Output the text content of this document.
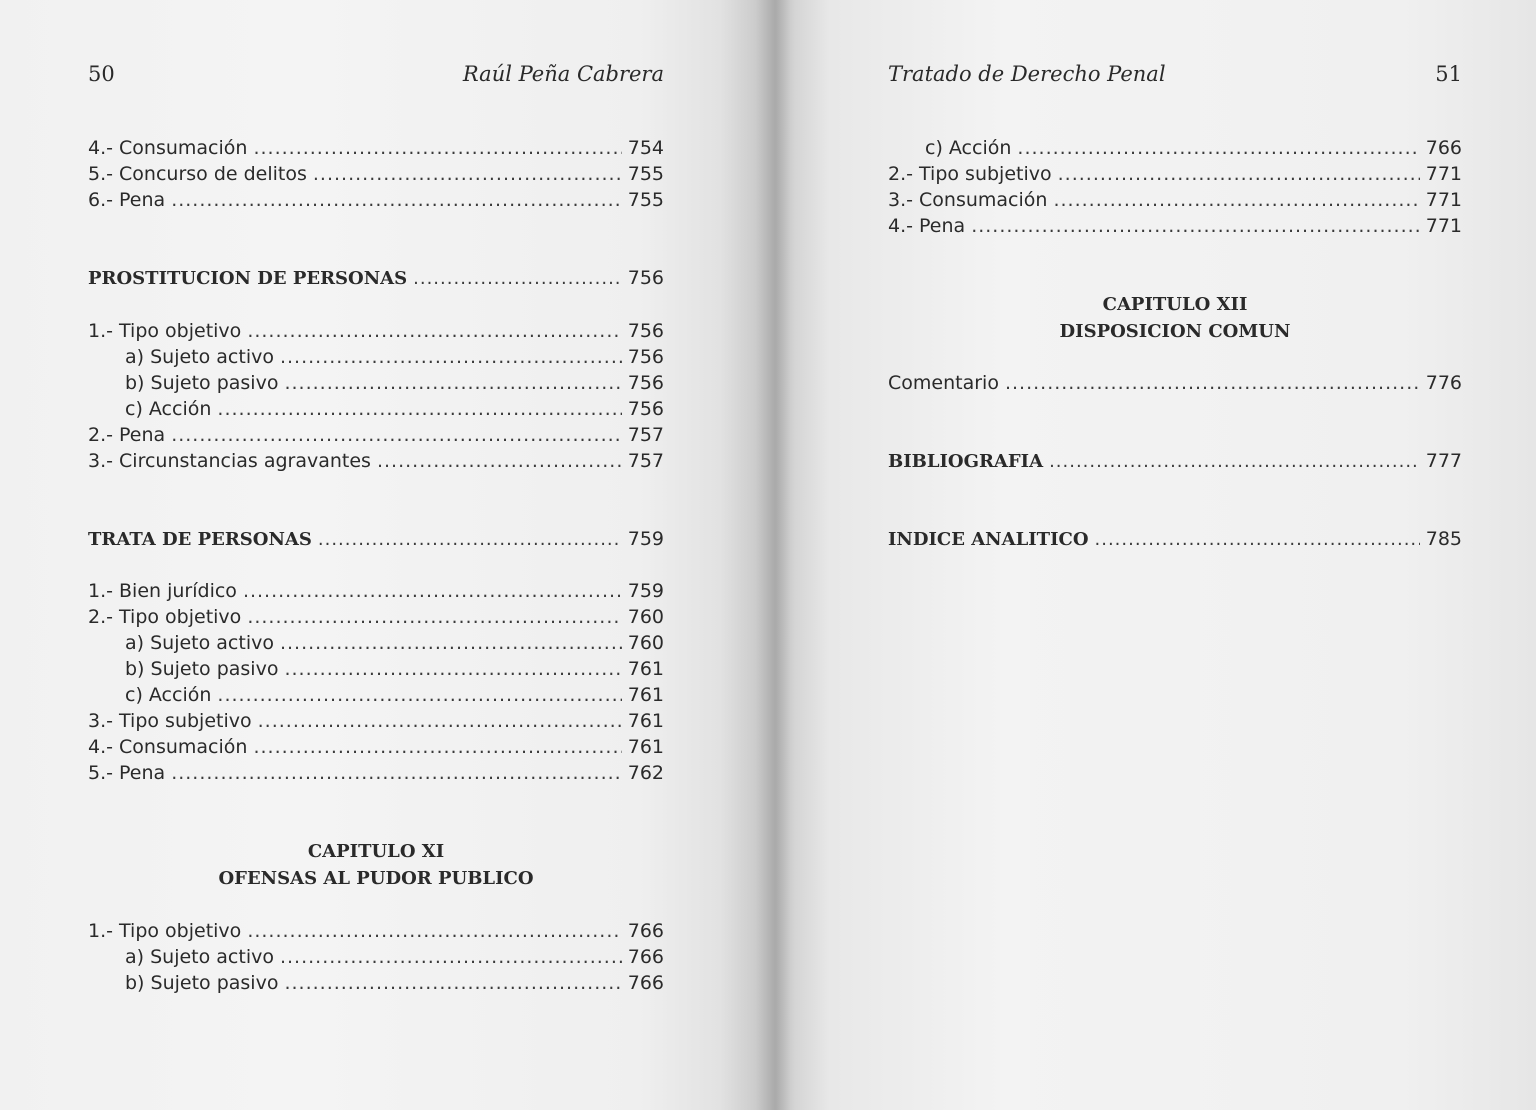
50	Raúl Peña Cabrera
4.- Consumación .....	754
5.- Concurso de delitos .....	755
6.- Pena .....	755
PROSTITUCION DE PERSONAS .....	756
1.- Tipo objetivo .....	756
a) Sujeto activo .....	756
b) Sujeto pasivo .....	756
c) Acción .....	756
2.- Pena .....	757
3.- Circunstancias agravantes .....	757
TRATA DE PERSONAS .....	759
1.- Bien jurídico .....	759
2.- Tipo objetivo .....	760
a) Sujeto activo .....	760
b) Sujeto pasivo .....	761
c) Acción .....	761
3.- Tipo subjetivo .....	761
4.- Consumación .....	761
5.- Pena .....	762
CAPITULO XI
OFENSAS AL PUDOR PUBLICO
1.- Tipo objetivo .....	766
a) Sujeto activo .....	766
b) Sujeto pasivo .....	766
Tratado de Derecho Penal	51
c) Acción .....	766
2.- Tipo subjetivo .....	771
3.- Consumación .....	771
4.- Pena .....	771
CAPITULO XII
DISPOSICION COMUN
Comentario .....	776
BIBLIOGRAFIA .....	777
INDICE ANALITICO .....	785
